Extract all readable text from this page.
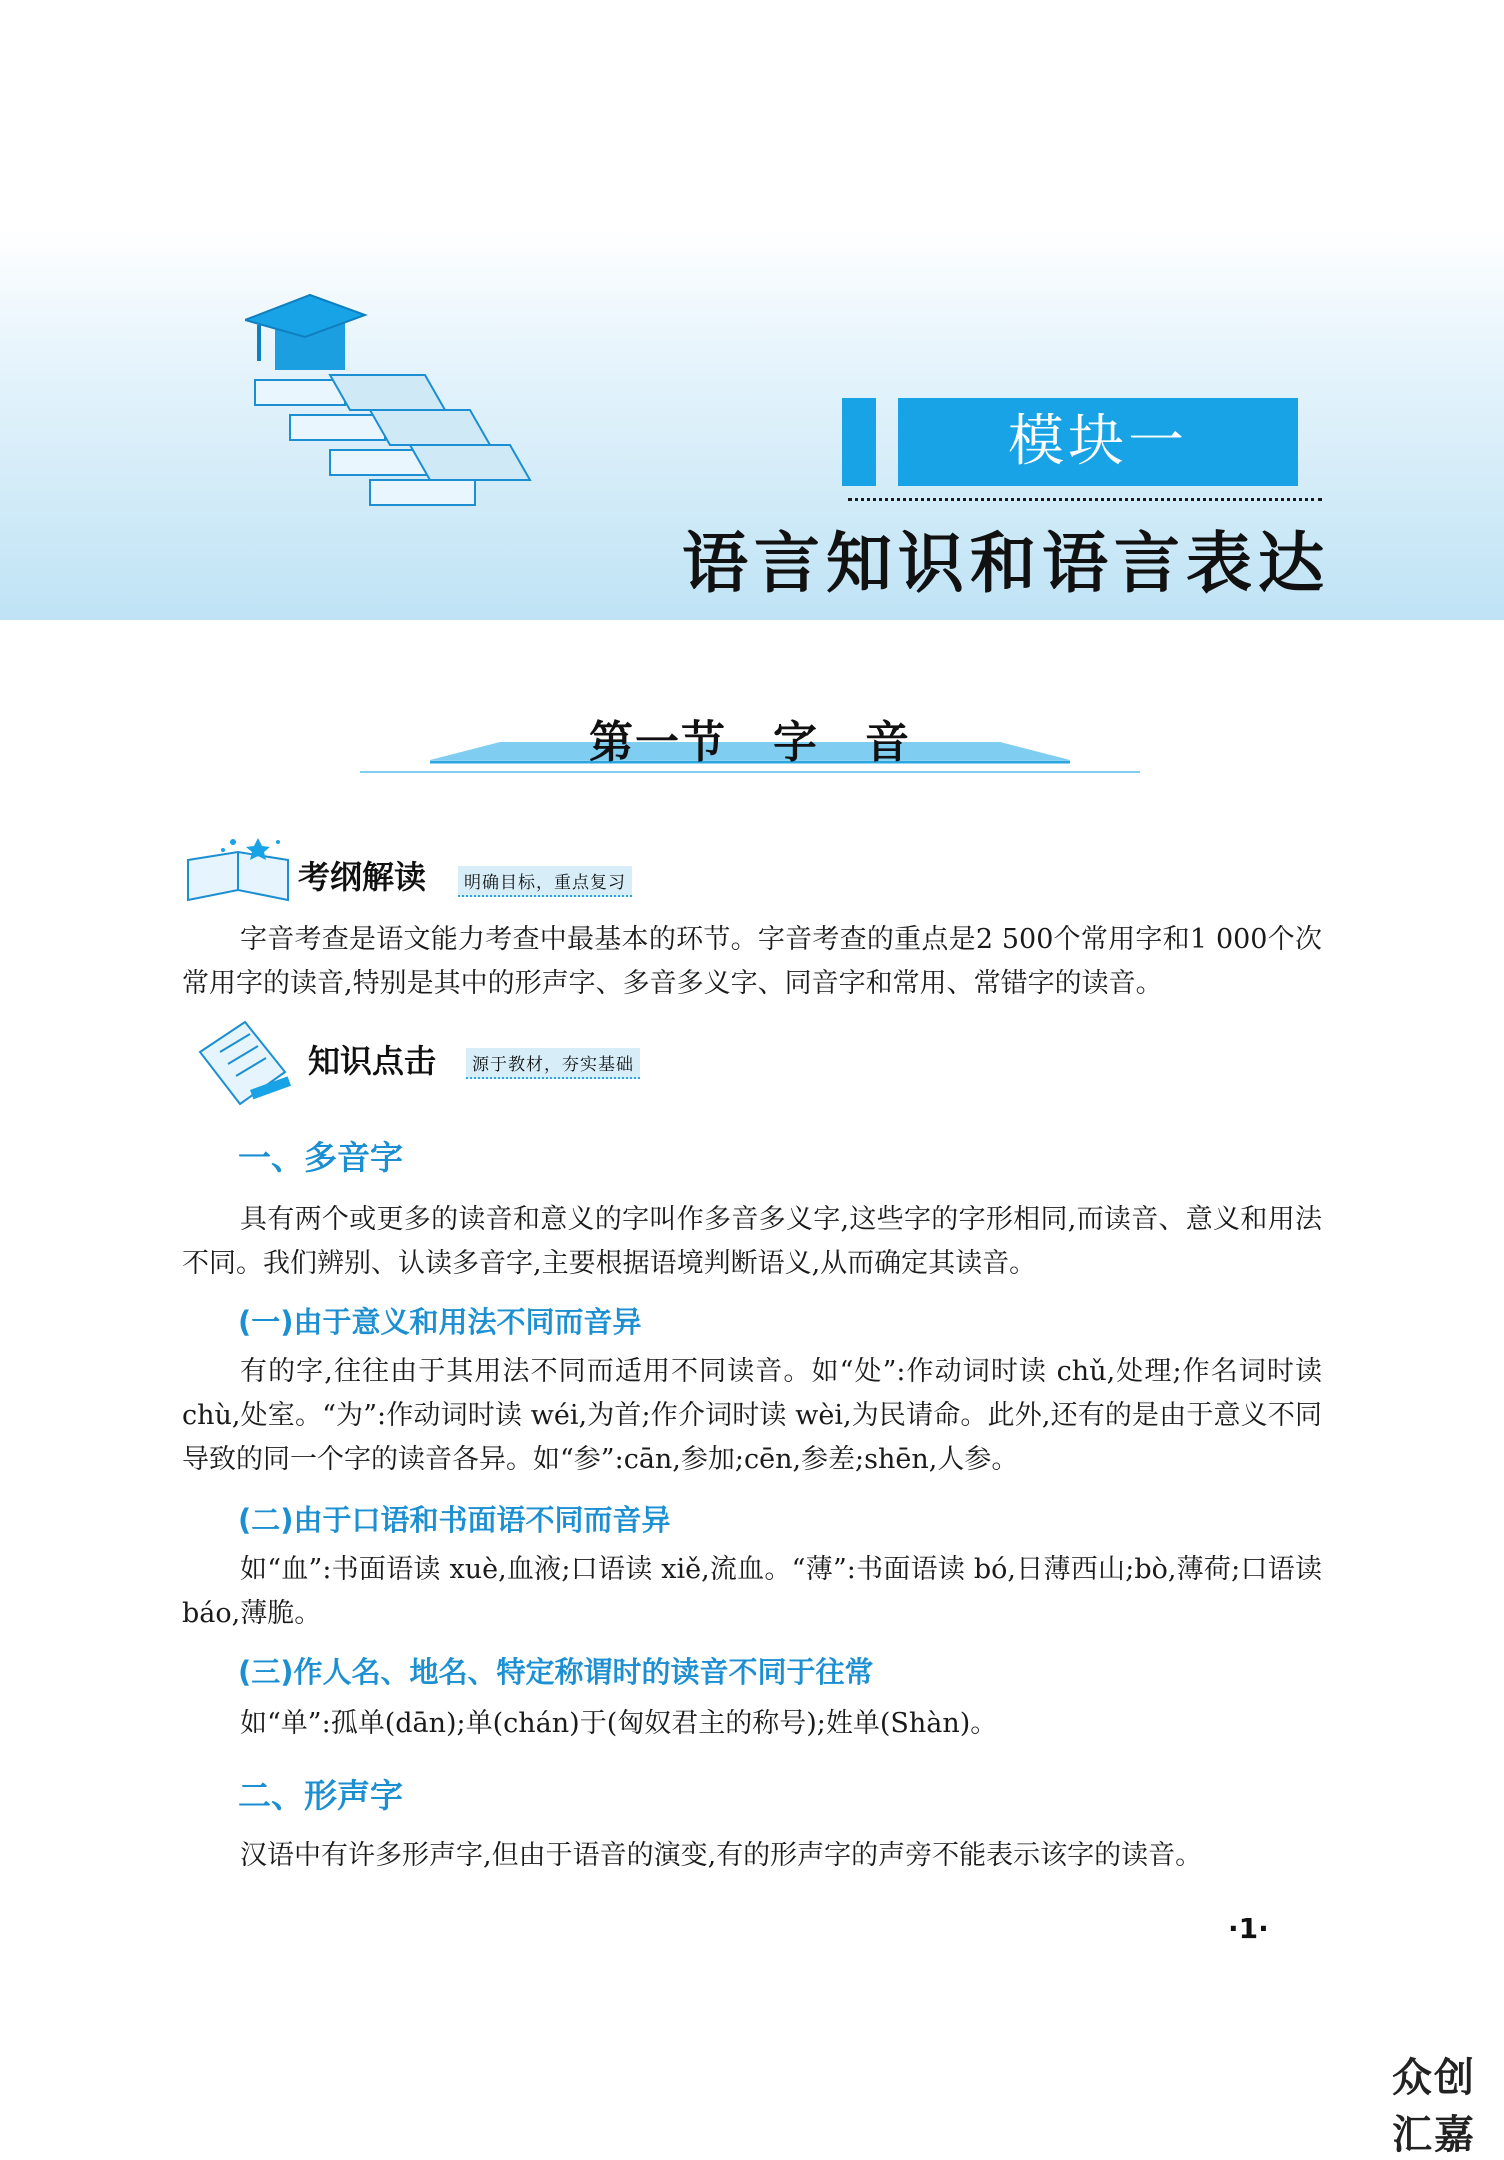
模块一
语言知识和语言表达
第一节　字　音
考纲解读	明确目标，重点复习

字音考查是语文能力考查中最基本的环节。字音考查的重点是2 500个常用字和1 000个次常用字的读音,特别是其中的形声字、多音多义字、同音字和常用、常错字的读音。

知识点击	源于教材，夯实基础
一、多音字

具有两个或更多的读音和意义的字叫作多音多义字,这些字的字形相同,而读音、意义和用法不同。我们辨别、认读多音字,主要根据语境判断语义,从而确定其读音。

(一)由于意义和用法不同而音异

有的字,往往由于其用法不同而适用不同读音。如“处”:作动词时读 chǔ,处理;作名词时读 chù,处室。“为”:作动词时读 wéi,为首;作介词时读 wèi,为民请命。此外,还有的是由于意义不同导致的同一个字的读音各异。如“参”:cān,参加;cēn,参差;shēn,人参。

(二)由于口语和书面语不同而音异

如“血”:书面语读 xuè,血液;口语读 xiě,流血。“薄”:书面语读 bó,日薄西山;bò,薄荷;口语读 báo,薄脆。

(三)作人名、地名、特定称谓时的读音不同于往常

如“单”:孤单(dān);单(chán)于(匈奴君主的称号);姓单(Shàn)。

二、形声字

汉语中有许多形声字,但由于语音的演变,有的形声字的声旁不能表示该字的读音。

·1·
众创汇嘉
